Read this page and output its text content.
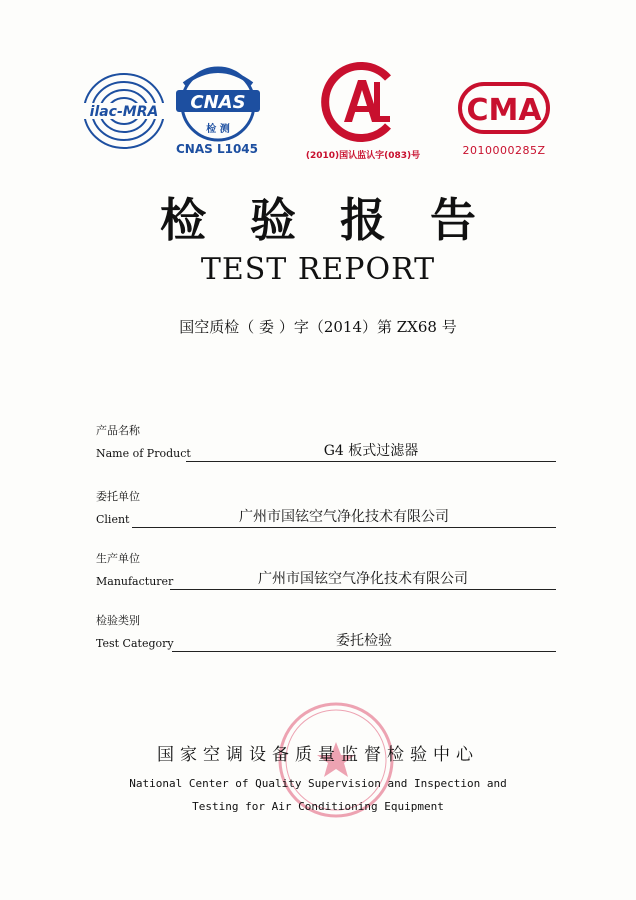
ilac-MRA CNAS
检 测
CNAS L1045	(2010)国认监认字(083)号
CMA
2010000285Z
检验报告
TEST REPORT
国空质检（ 委 ）字（2014）第 ZX68 号
产品名称
Name of Product	G4 板式过滤器
委托单位
Client	广州市国铉空气净化技术有限公司
生产单位
Manufacturer	广州市国铉空气净化技术有限公司
检验类别
Test Category	委托检验
国家空调设备质量监督检验中心
National Center of Quality Supervision and Inspection and
Testing for Air Conditioning Equipment
